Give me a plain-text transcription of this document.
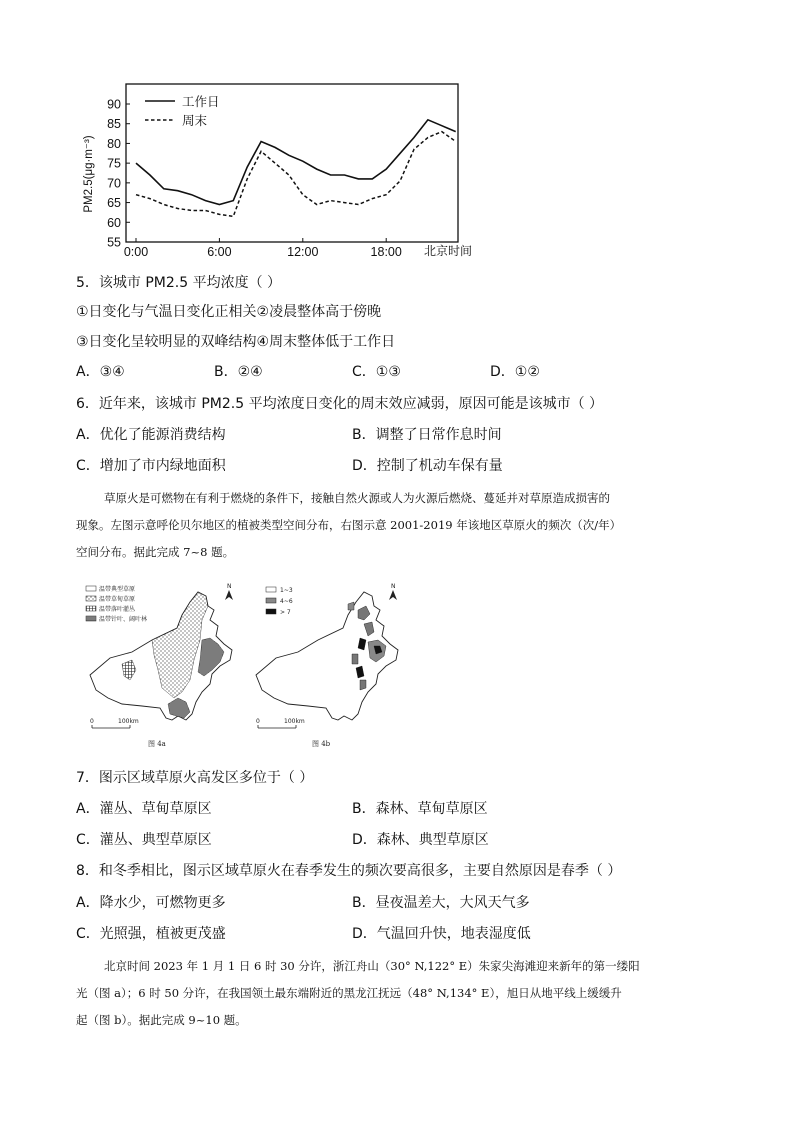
PM2.5(μg·m⁻³)
55
60
65
70
75
80
85
90
0:00	6:00	12:00	18:00
工作日
周末
北京时间
5．该城市 PM2.5 平均浓度（ ）
①日变化与气温日变化正相关②凌晨整体高于傍晚
③日变化呈较明显的双峰结构④周末整体低于工作日
A．③④	B．②④	C．①③	D．①②
6．近年来，该城市 PM2.5 平均浓度日变化的周末效应减弱，原因可能是该城市（ ）
A．优化了能源消费结构	B．调整了日常作息时间
C．增加了市内绿地面积	D．控制了机动车保有量
草原火是可燃物在有利于燃烧的条件下，接触自然火源或人为火源后燃烧、蔓延并对草原造成损害的
现象。左图示意呼伦贝尔地区的植被类型空间分布，右图示意 2001-2019 年该地区草原火的频次（次/年）
空间分布。据此完成 7~8 题。
温带典型草原
温带草甸草原
温带落叶灌丛
温带针叶、阔叶林
N
0	100km
图 4a
1~3
4~6
> 7
N
0	100km
图 4b
7．图示区域草原火高发区多位于（ ）
A．灌丛、草甸草原区	B．森林、草甸草原区
C．灌丛、典型草原区	D．森林、典型草原区
8．和冬季相比，图示区域草原火在春季发生的频次要高很多，主要自然原因是春季（ ）
A．降水少，可燃物更多	B．昼夜温差大，大风天气多
C．光照强，植被更茂盛	D．气温回升快，地表湿度低
北京时间 2023 年 1 月 1 日 6 时 30 分许，浙江舟山（30° N,122° E）朱家尖海滩迎来新年的第一缕阳
光（图 a）；6 时 50 分许，在我国领土最东端附近的黑龙江抚远（48° N,134° E），旭日从地平线上缓缓升
起（图 b）。据此完成 9~10 题。
